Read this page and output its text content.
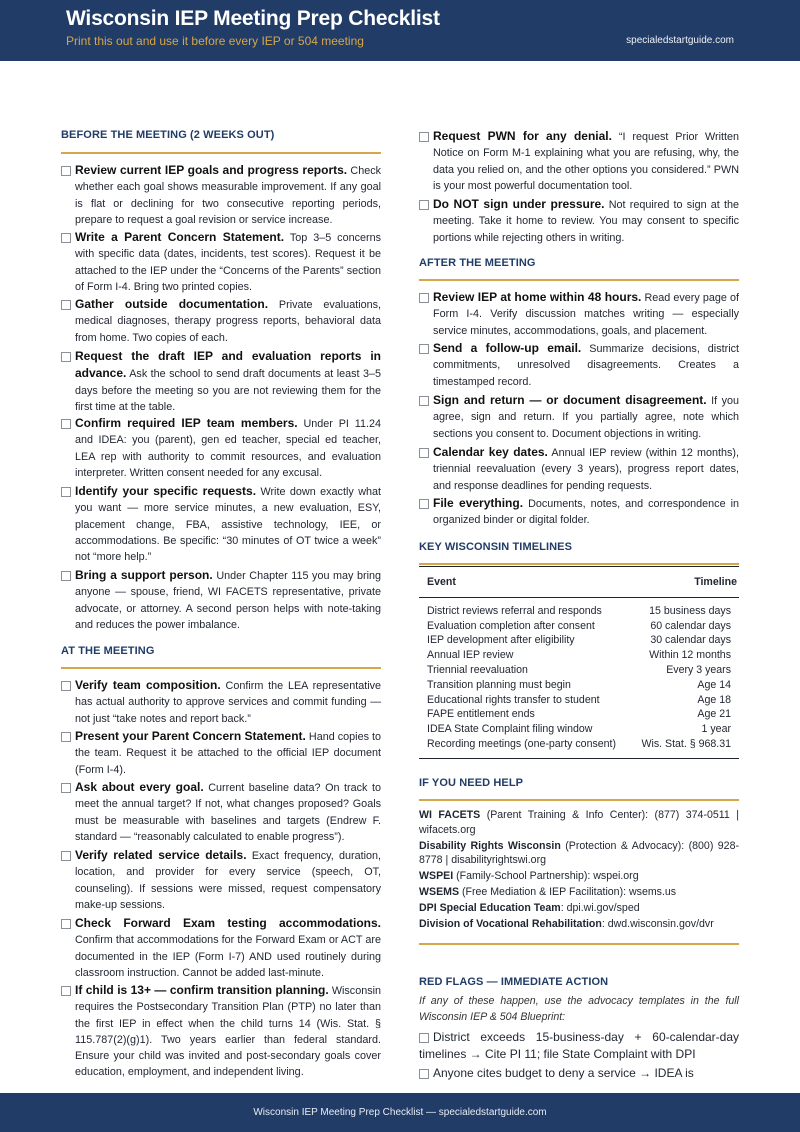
Wisconsin IEP Meeting Prep Checklist
Print this out and use it before every IEP or 504 meeting	specialedstartguide.com
BEFORE THE MEETING (2 WEEKS OUT)
Review current IEP goals and progress reports. Check whether each goal shows measurable improvement. If any goal is flat or declining for two consecutive reporting periods, prepare to request a goal revision or service increase.
Write a Parent Concern Statement. Top 3–5 concerns with specific data (dates, incidents, test scores). Request it be attached to the IEP under the “Concerns of the Parents” section of Form I-4. Bring two printed copies.
Gather outside documentation. Private evaluations, medical diagnoses, therapy progress reports, behavioral data from home. Two copies of each.
Request the draft IEP and evaluation reports in advance. Ask the school to send draft documents at least 3–5 days before the meeting so you are not reviewing them for the first time at the table.
Confirm required IEP team members. Under PI 11.24 and IDEA: you (parent), gen ed teacher, special ed teacher, LEA rep with authority to commit resources, and evaluation interpreter. Written consent needed for any excusal.
Identify your specific requests. Write down exactly what you want — more service minutes, a new evaluation, ESY, placement change, FBA, assistive technology, IEE, or accommodations. Be specific: “30 minutes of OT twice a week” not “more help.”
Bring a support person. Under Chapter 115 you may bring anyone — spouse, friend, WI FACETS representative, private advocate, or attorney. A second person helps with note-taking and reduces the power imbalance.
AT THE MEETING
Verify team composition. Confirm the LEA representative has actual authority to approve services and commit funding — not just “take notes and report back.”
Present your Parent Concern Statement. Hand copies to the team. Request it be attached to the official IEP document (Form I-4).
Ask about every goal. Current baseline data? On track to meet the annual target? If not, what changes proposed? Goals must be measurable with baselines and targets (Endrew F. standard — “reasonably calculated to enable progress”).
Verify related service details. Exact frequency, duration, location, and provider for every service (speech, OT, counseling). If sessions were missed, request compensatory make-up sessions.
Check Forward Exam testing accommodations. Confirm that accommodations for the Forward Exam or ACT are documented in the IEP (Form I-7) AND used routinely during classroom instruction. Cannot be added last-minute.
If child is 13+ — confirm transition planning. Wisconsin requires the Postsecondary Transition Plan (PTP) no later than the first IEP in effect when the child turns 14 (Wis. Stat. § 115.787(2)(g)1). Two years earlier than federal standard. Ensure your child was invited and post-secondary goals cover education, employment, and independent living.
Request PWN for any denial. “I request Prior Written Notice on Form M-1 explaining what you are refusing, why, the data you relied on, and the other options you considered.” PWN is your most powerful documentation tool.
Do NOT sign under pressure. Not required to sign at the meeting. Take it home to review. You may consent to specific portions while rejecting others in writing.
AFTER THE MEETING
Review IEP at home within 48 hours. Read every page of Form I-4. Verify discussion matches writing — especially service minutes, accommodations, goals, and placement.
Send a follow-up email. Summarize decisions, district commitments, unresolved disagreements. Creates a timestamped record.
Sign and return — or document disagreement. If you agree, sign and return. If you partially agree, note which sections you consent to. Document objections in writing.
Calendar key dates. Annual IEP review (within 12 months), triennial reevaluation (every 3 years), progress report dates, and response deadlines for pending requests.
File everything. Documents, notes, and correspondence in organized binder or digital folder.
KEY WISCONSIN TIMELINES
Event	Timeline
District reviews referral and responds	15 business days
Evaluation completion after consent	60 calendar days
IEP development after eligibility	30 calendar days
Annual IEP review	Within 12 months
Triennial reevaluation	Every 3 years
Transition planning must begin	Age 14
Educational rights transfer to student	Age 18
FAPE entitlement ends	Age 21
IDEA State Complaint filing window	1 year
Recording meetings (one-party consent)	Wis. Stat. § 968.31
IF YOU NEED HELP

WI FACETS (Parent Training & Info Center): (877) 374-0511 | wifacets.org

Disability Rights Wisconsin (Protection & Advocacy): (800) 928-8778 | disabilityrightswi.org

WSPEI (Family-School Partnership): wspei.org

WSEMS (Free Mediation & IEP Facilitation): wsems.us

DPI Special Education Team: dpi.wi.gov/sped

Division of Vocational Rehabilitation: dwd.wisconsin.gov/dvr

RED FLAGS — IMMEDIATE ACTION
If any of these happen, use the advocacy templates in the full Wisconsin IEP & 504 Blueprint:
District exceeds 15-business-day + 60-calendar-day timelines → Cite PI 11; file State Complaint with DPI
Anyone cites budget to deny a service → IDEA is
Wisconsin IEP Meeting Prep Checklist — specialedstartguide.com
